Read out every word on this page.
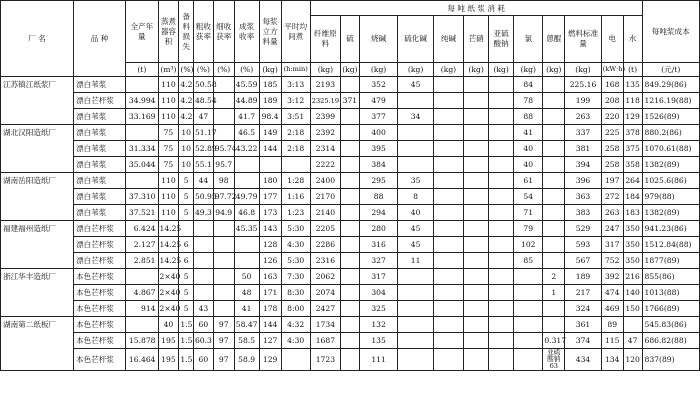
厂 名	品 种	全产年量	蒸煮器容积	备料损失	粗收获率	细收获率	成浆收率	每浆立方料量	平时均间煮	每 吨 纸 浆 消 耗												每吨浆成本
										纤维原料	硫	烧碱	硫化碱	纯碱	芒硝	亚硫酸钠	氯	蒽醌	燃料标准量	电	水	
		(t)	(m³)	(%)	(%)	(%)	(%)	(kg)	(h:min)	(kg)	(kg)	(kg)	(kg)	(kg)	(kg)	(kg)	(kg)	(kg)	(kg)	(kW·h)	(t)	(元/t)
江苏镇江纸浆厂	漂白苇浆		110	4.2	50.58		45.59	185	3:13	2193		352	45				84		225.16	168	135	849.29(86)
	漂白芒杆浆	34.994	110	4.2	48.54		44.89	189	3:12	2325.19	371	479					78		199	208	118	1216.19(88)
	漂白苇浆	33.169	110	4.2	47		41.7	98.4	3:51	2399		377	34				88		263	220	129	1526(89)
湖北汉阳造纸厂	漂白苇浆		75	10	51.17		46.5	149	2:18	2392		400					41		337	225	378	880.2(86)
	漂白苇浆	31.334	75	10	52.89	95.74	43.22	144	2:18	2314		395					40		381	258	375	1070.61(88)
	漂白苇浆	35.044	75	10	55.1	95.7				2222		384					40		394	258	358	1382(89)
湖南岳阳造纸厂	漂白苇浆		110	5	44	98		180	1:28	2400		295	35				61		396	197	264	1025.6(86)
	漂白苇浆	37.310	110	5	50.95	97.72	49.79	177	1:16	2170		88	8				54		363	272	184	979(88)
	漂白苇浆	37.521	110	5	49.3	94.9	46.8	173	1:23	2140		294	40				71		383	263	183	1382(89)
福建福州造纸厂	漂白芒杆浆	6.424	14.25				45.35	143	5:30	2205		280	45				79		529	247	350	941.23(86)
	漂白芒杆浆	2.127	14.25	6				128	4:30	2286		316	45				102		593	317	350	1512.84(88)
	漂白芒杆浆	2.851	14.25	6				126	5:30	2316		327	11				85		567	752	350	1877(89)
浙江华丰造纸厂	本色芒杆浆		2×40	5			50	163	7:30	2062		317						2	189	392	216	855(86)
	本色芒杆浆	4.867	2×40	5			48	171	8:30	2074		304						1	217	474	140	1013(88)
	本色芒杆浆	914	2×40	5	43		41	178	8:00	2427		325							324	469	150	1766(89)
湖南第二纸板厂	本色芒杆浆		40	1.5	60	97	58.47	144	4:32	1734		132							361	89		545.83(86)
	本色芒杆浆	15.878	195	1.5	60.3	97	58.5	127	4:30	1687		135						0.317	374	115	47	686.82(88)
	本色芒杆浆	16.464	195	1.5	60	97	58.9	129		1723		111						亚硫酸钠63	434	134	120	837(89)
